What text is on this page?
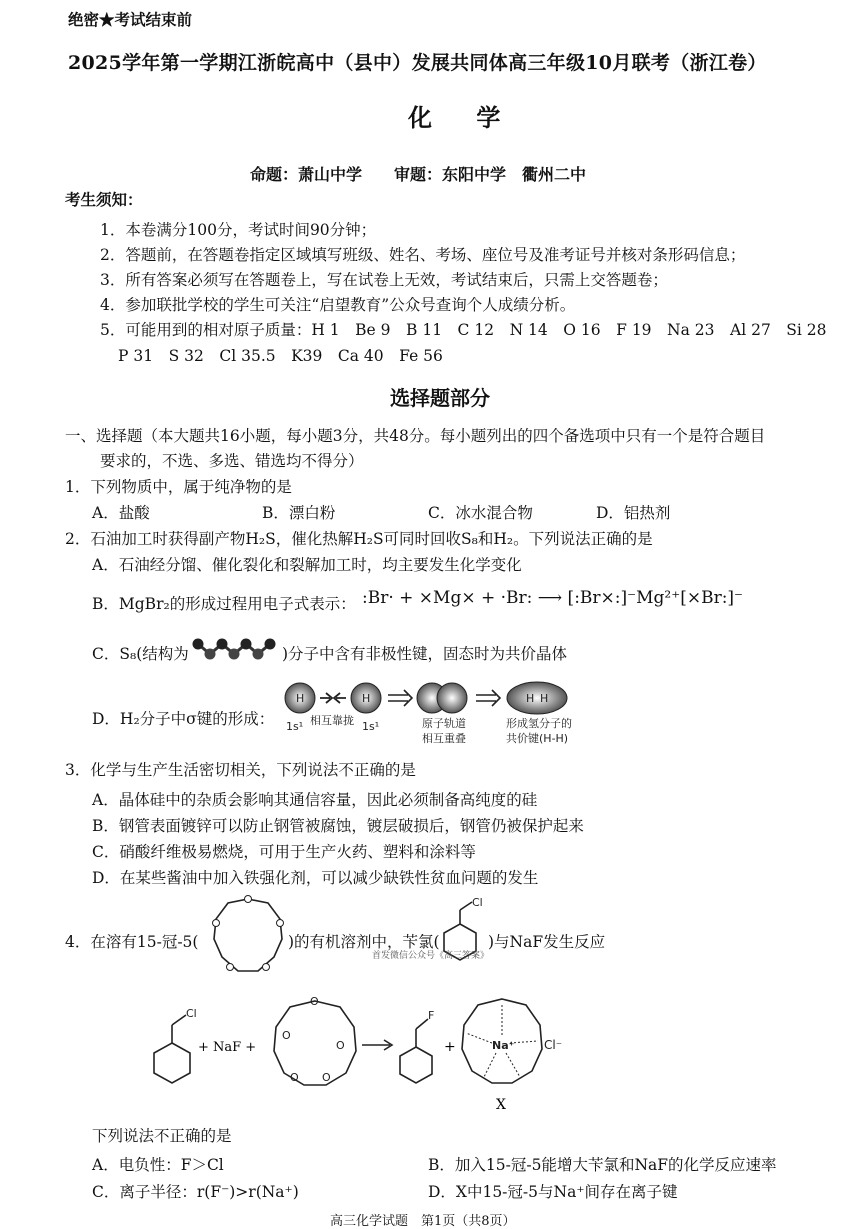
绝密★考试结束前
2025学年第一学期江浙皖高中（县中）发展共同体高三年级10月联考（浙江卷）
化 学
命题：萧山中学　　审题：东阳中学　衢州二中
考生须知：
1．本卷满分100分，考试时间90分钟；
2．答题前，在答题卷指定区域填写班级、姓名、考场、座位号及准考证号并核对条形码信息；
3．所有答案必须写在答题卷上，写在试卷上无效，考试结束后，只需上交答题卷；
4．参加联批学校的学生可关注“启望教育”公众号查询个人成绩分析。
5．可能用到的相对原子质量：H 1　Be 9　B 11　C 12　N 14　O 16　F 19　Na 23　Al 27　Si 28
P 31　S 32　Cl 35.5　K39　Ca 40　Fe 56
选择题部分
一、选择题（本大题共16小题，每小题3分，共48分。每小题列出的四个备选项中只有一个是符合题目
要求的，不选、多选、错选均不得分）
1．下列物质中，属于纯净物的是
A．盐酸	B．漂白粉	C．冰水混合物	D．铝热剂
2．石油加工时获得副产物H₂S，催化热解H₂S可同时回收S₈和H₂。下列说法正确的是
A．石油经分馏、催化裂化和裂解加工时，均主要发生化学变化
B．MgBr₂的形成过程用电子式表示： :Br· + ×Mg× + ·Br: ⟶ [:Br×:]⁻Mg²⁺[×Br:]⁻
C．S₈(结构为	)分子中含有非极性键，固态时为共价晶体
D．H₂分子中σ键的形成：
H	H	H H
1s¹ 相互靠拢 1s¹	原子轨道
相互重叠
形成氢分子的
共价键(H-H)
3．化学与生产生活密切相关，下列说法不正确的是
A．晶体硅中的杂质会影响其通信容量，因此必须制备高纯度的硅
B．钢管表面镀锌可以防止钢管被腐蚀，镀层破损后，钢管仍被保护起来
C．硝酸纤维极易燃烧，可用于生产火药、塑料和涂料等
D．在某些酱油中加入铁强化剂，可以减少缺铁性贫血问题的发生
4．在溶有15-冠-5(	)的有机溶剂中，苄氯(
Cl
)与NaF发生反应
首发微信公众号《高三答案》
Cl
+ NaF +
O
O
O
O
O
F
+	Na⁺ Cl⁻
X
下列说法不正确的是
A．电负性：F＞Cl	B．加入15-冠-5能增大苄氯和NaF的化学反应速率
C．离子半径：r(F⁻)>r(Na⁺)	D．X中15-冠-5与Na⁺间存在离子键
高三化学试题　第1页（共8页）
